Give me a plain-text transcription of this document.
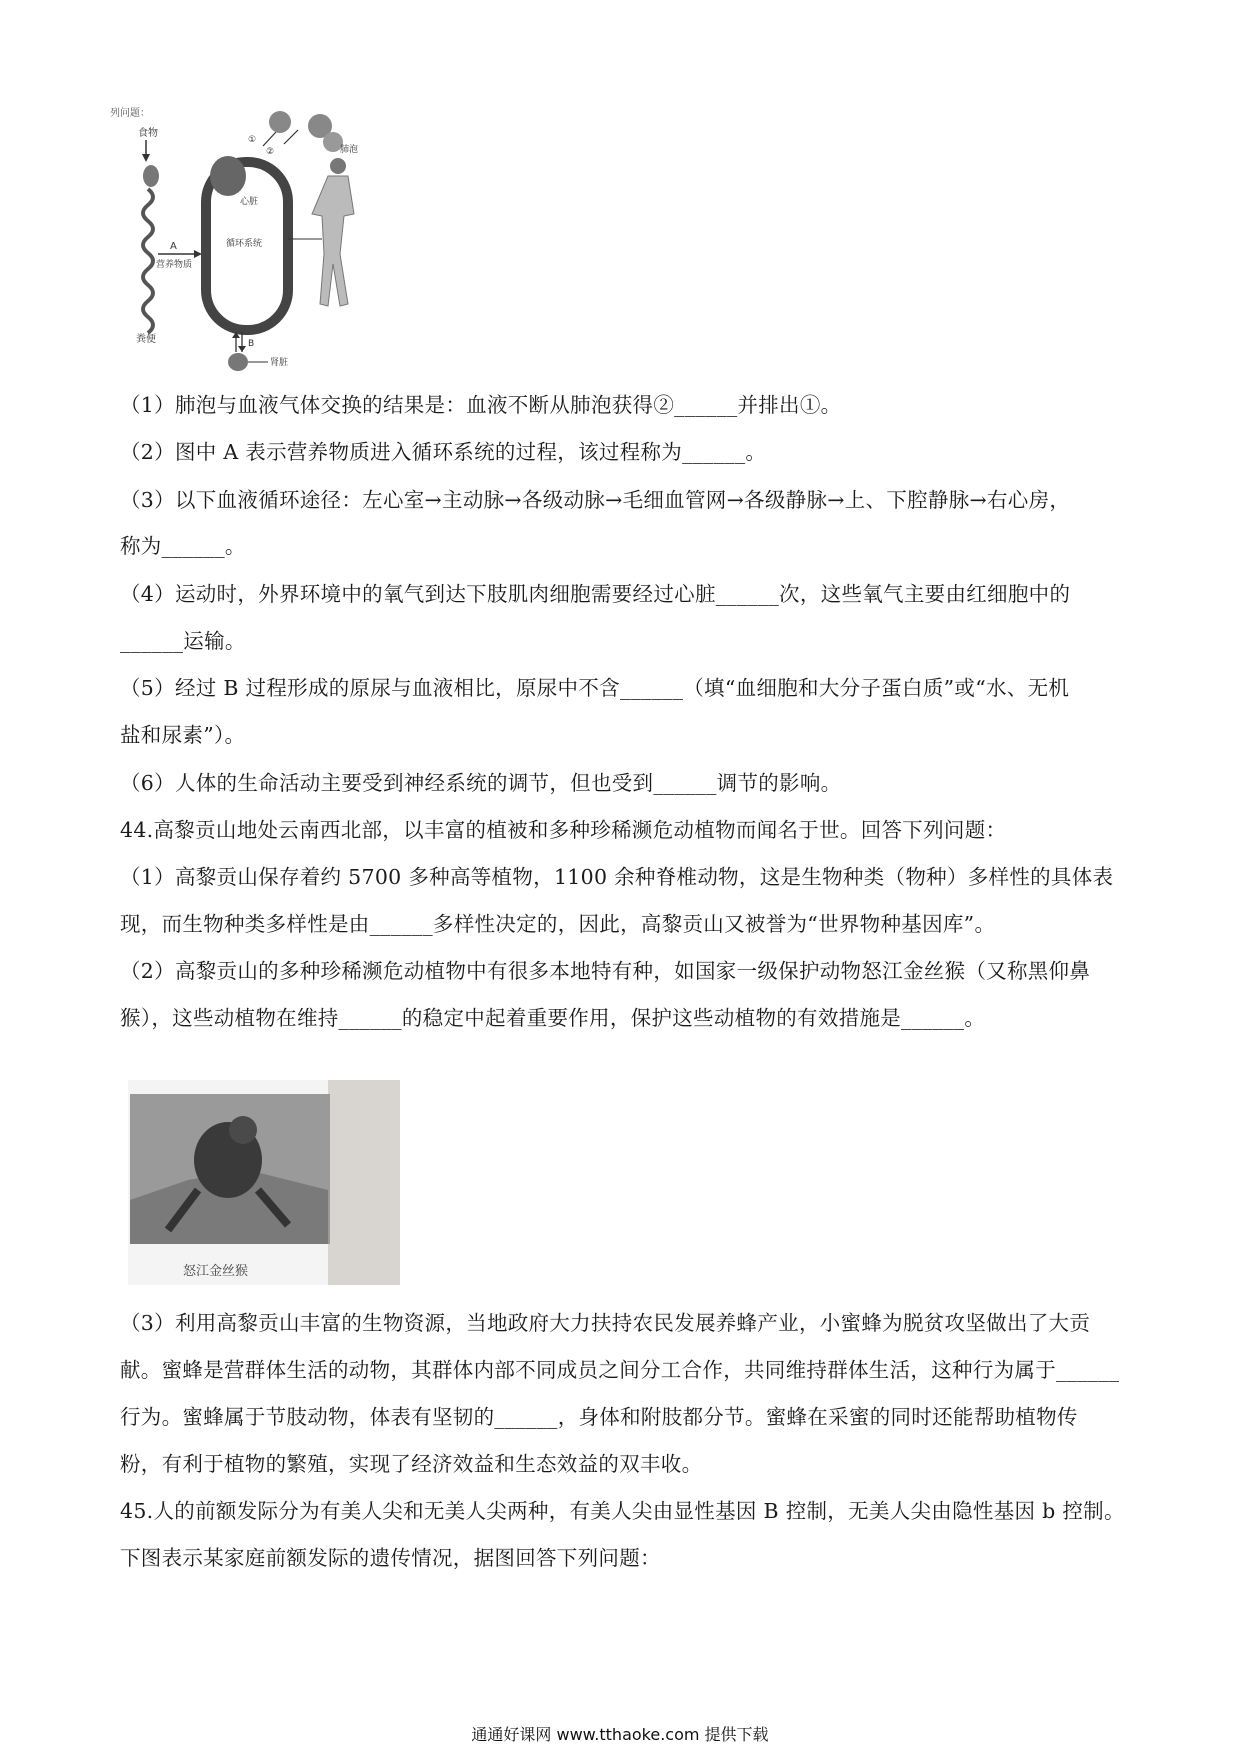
列问题：
食物
粪便
A
营养物质
心脏
循环系统
①
②	肺泡
B
肾脏
（1）肺泡与血液气体交换的结果是：血液不断从肺泡获得②______并排出①。
（2）图中 A 表示营养物质进入循环系统的过程，该过程称为______。
（3）以下血液循环途径：左心室→主动脉→各级动脉→毛细血管网→各级静脉→上、下腔静脉→右心房，
称为______。
（4）运动时，外界环境中的氧气到达下肢肌肉细胞需要经过心脏______次，这些氧气主要由红细胞中的
______运输。
（5）经过 B 过程形成的原尿与血液相比，原尿中不含______（填“血细胞和大分子蛋白质”或“水、无机
盐和尿素”）。
（6）人体的生命活动主要受到神经系统的调节，但也受到______调节的影响。
44.高黎贡山地处云南西北部，以丰富的植被和多种珍稀濒危动植物而闻名于世。回答下列问题：
（1）高黎贡山保存着约 5700 多种高等植物，1100 余种脊椎动物，这是生物种类（物种）多样性的具体表
现，而生物种类多样性是由______多样性决定的，因此，高黎贡山又被誉为“世界物种基因库”。
（2）高黎贡山的多种珍稀濒危动植物中有很多本地特有种，如国家一级保护动物怒江金丝猴（又称黑仰鼻
猴），这些动植物在维持______的稳定中起着重要作用，保护这些动植物的有效措施是______。
怒江金丝猴
（3）利用高黎贡山丰富的生物资源，当地政府大力扶持农民发展养蜂产业，小蜜蜂为脱贫攻坚做出了大贡
献。蜜蜂是营群体生活的动物，其群体内部不同成员之间分工合作，共同维持群体生活，这种行为属于______
行为。蜜蜂属于节肢动物，体表有坚韧的______，身体和附肢都分节。蜜蜂在采蜜的同时还能帮助植物传
粉，有利于植物的繁殖，实现了经济效益和生态效益的双丰收。
45.人的前额发际分为有美人尖和无美人尖两种，有美人尖由显性基因 B 控制，无美人尖由隐性基因 b 控制。
下图表示某家庭前额发际的遗传情况，据图回答下列问题：
通通好课网 www.tthaoke.com 提供下载
